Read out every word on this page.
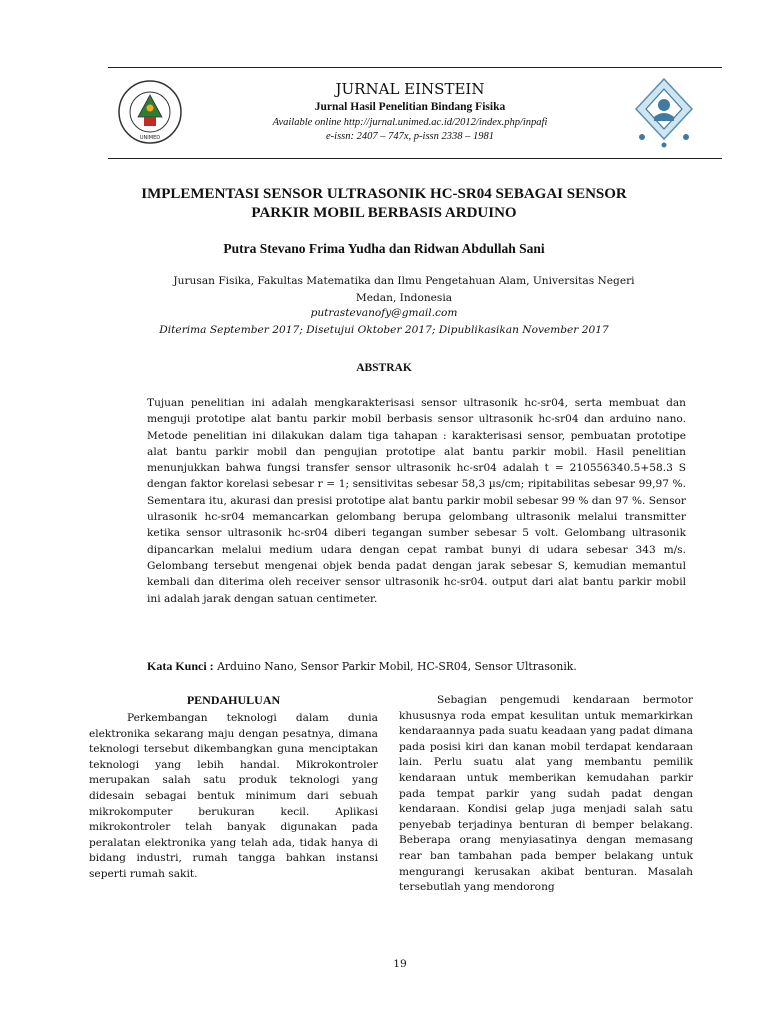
UNIMED
JURNAL EINSTEIN
Jurnal Hasil Penelitian Bindang Fisika
Available online http://jurnal.unimed.ac.id/2012/index.php/inpafi
e-issn: 2407 – 747x, p-issn 2338 – 1981
IMPLEMENTASI SENSOR ULTRASONIK HC-SR04 SEBAGAI SENSOR
PARKIR MOBIL BERBASIS ARDUINO
Putra Stevano Frima Yudha dan Ridwan Abdullah Sani
Jurusan Fisika, Fakultas Matematika dan Ilmu Pengetahuan Alam, Universitas Negeri Medan, Indonesia
putrastevanofy@gmail.com
Diterima September 2017; Disetujui Oktober 2017; Dipublikasikan November 2017
ABSTRAK
Tujuan penelitian ini adalah mengkarakterisasi sensor ultrasonik hc-sr04, serta membuat dan menguji prototipe alat bantu parkir mobil berbasis sensor ultrasonik hc-sr04 dan arduino nano. Metode penelitian ini dilakukan dalam tiga tahapan : karakterisasi sensor, pembuatan prototipe alat bantu parkir mobil dan pengujian prototipe alat bantu parkir mobil. Hasil penelitian menunjukkan bahwa fungsi transfer sensor ultrasonik hc-sr04 adalah t = 210556340.5+58.3 S dengan faktor korelasi sebesar r = 1; sensitivitas sebesar 58,3 µs/cm; ripitabilitas sebesar 99,97 %. Sementara itu, akurasi dan presisi prototipe alat bantu parkir mobil sebesar 99 % dan 97 %. Sensor ulrasonik hc-sr04 memancarkan gelombang berupa gelombang ultrasonik melalui transmitter ketika sensor ultrasonik hc-sr04 diberi tegangan sumber sebesar 5 volt. Gelombang ultrasonik dipancarkan melalui medium udara dengan cepat rambat bunyi di udara sebesar 343 m/s. Gelombang tersebut mengenai objek benda padat dengan jarak sebesar S, kemudian memantul kembali dan diterima oleh receiver sensor ultrasonik hc-sr04. output dari alat bantu parkir mobil ini adalah jarak dengan satuan centimeter.
Kata Kunci : Arduino Nano, Sensor Parkir Mobil, HC-SR04, Sensor Ultrasonik.
PENDAHULUAN
Perkembangan teknologi dalam dunia elektronika sekarang maju dengan pesatnya, dimana teknologi tersebut dikembangkan guna menciptakan teknologi yang lebih handal. Mikrokontroler merupakan salah satu produk teknologi yang didesain sebagai bentuk minimum dari sebuah mikrokomputer berukuran kecil. Aplikasi mikrokontroler telah banyak digunakan pada peralatan elektronika yang telah ada, tidak hanya di bidang industri, rumah tangga bahkan instansi seperti rumah sakit.
Sebagian pengemudi kendaraan bermotor khususnya roda empat kesulitan untuk memarkirkan kendaraannya pada suatu keadaan yang padat dimana pada posisi kiri dan kanan mobil terdapat kendaraan lain. Perlu suatu alat yang membantu pemilik kendaraan untuk memberikan kemudahan parkir pada tempat parkir yang sudah padat dengan kendaraan. Kondisi gelap juga menjadi salah satu penyebab terjadinya benturan di bemper belakang. Beberapa orang menyiasatinya dengan memasang rear ban tambahan pada bemper belakang untuk mengurangi kerusakan akibat benturan. Masalah tersebutlah yang mendorong
19
